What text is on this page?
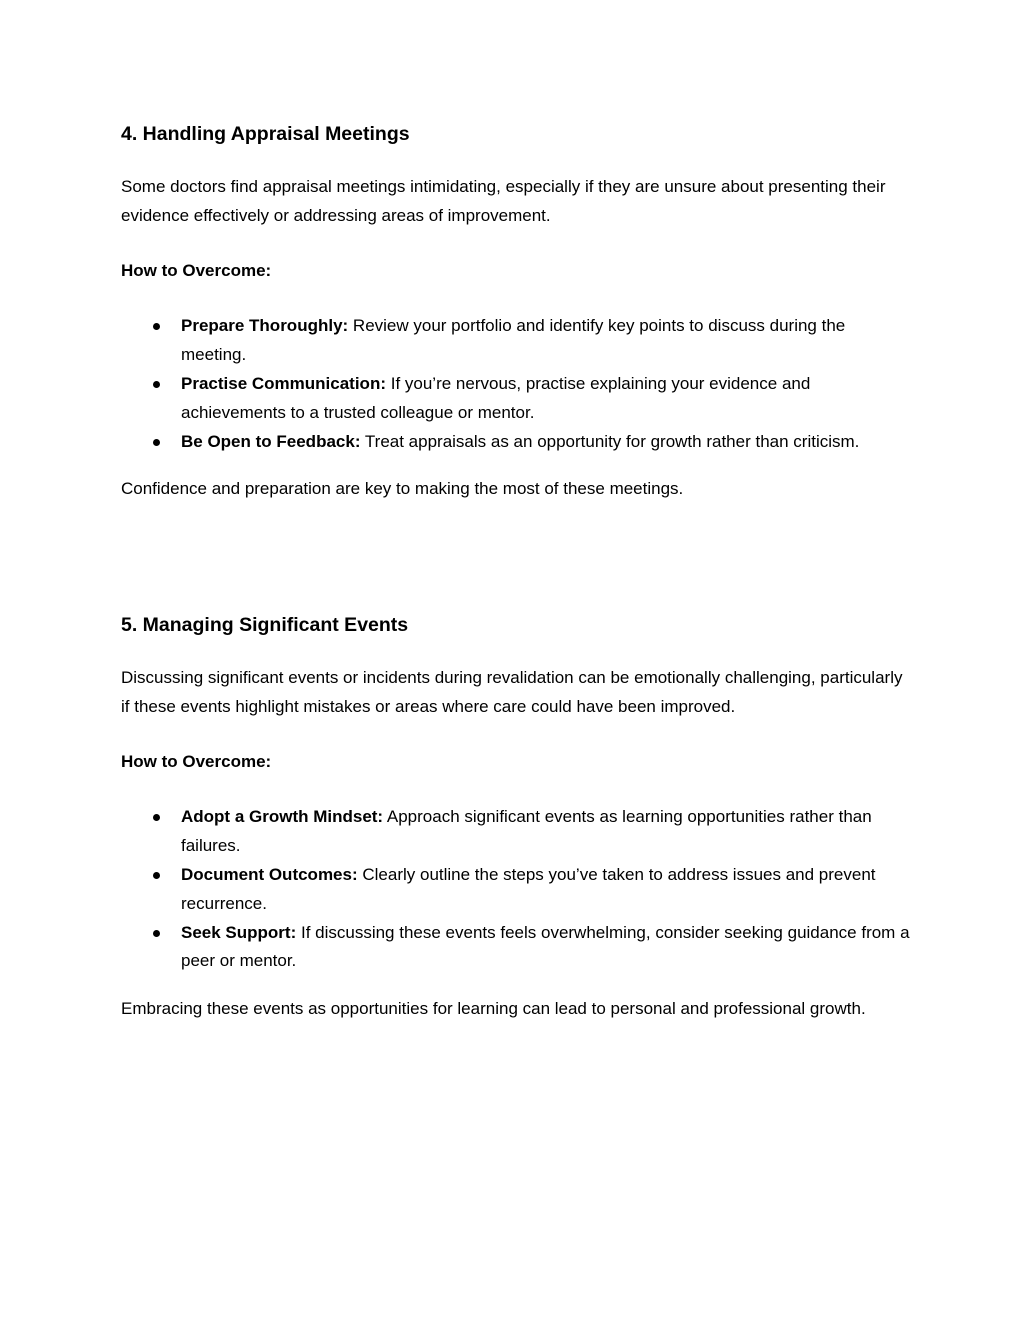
4. Handling Appraisal Meetings

Some doctors find appraisal meetings intimidating, especially if they are unsure about presenting their evidence effectively or addressing areas of improvement.

How to Overcome:

Prepare Thoroughly: Review your portfolio and identify key points to discuss during the meeting.
Practise Communication: If you’re nervous, practise explaining your evidence and achievements to a trusted colleague or mentor.
Be Open to Feedback: Treat appraisals as an opportunity for growth rather than criticism.

Confidence and preparation are key to making the most of these meetings.

5. Managing Significant Events

Discussing significant events or incidents during revalidation can be emotionally challenging, particularly if these events highlight mistakes or areas where care could have been improved.

How to Overcome:

Adopt a Growth Mindset: Approach significant events as learning opportunities rather than failures.
Document Outcomes: Clearly outline the steps you’ve taken to address issues and prevent recurrence.
Seek Support: If discussing these events feels overwhelming, consider seeking guidance from a peer or mentor.

Embracing these events as opportunities for learning can lead to personal and professional growth.
